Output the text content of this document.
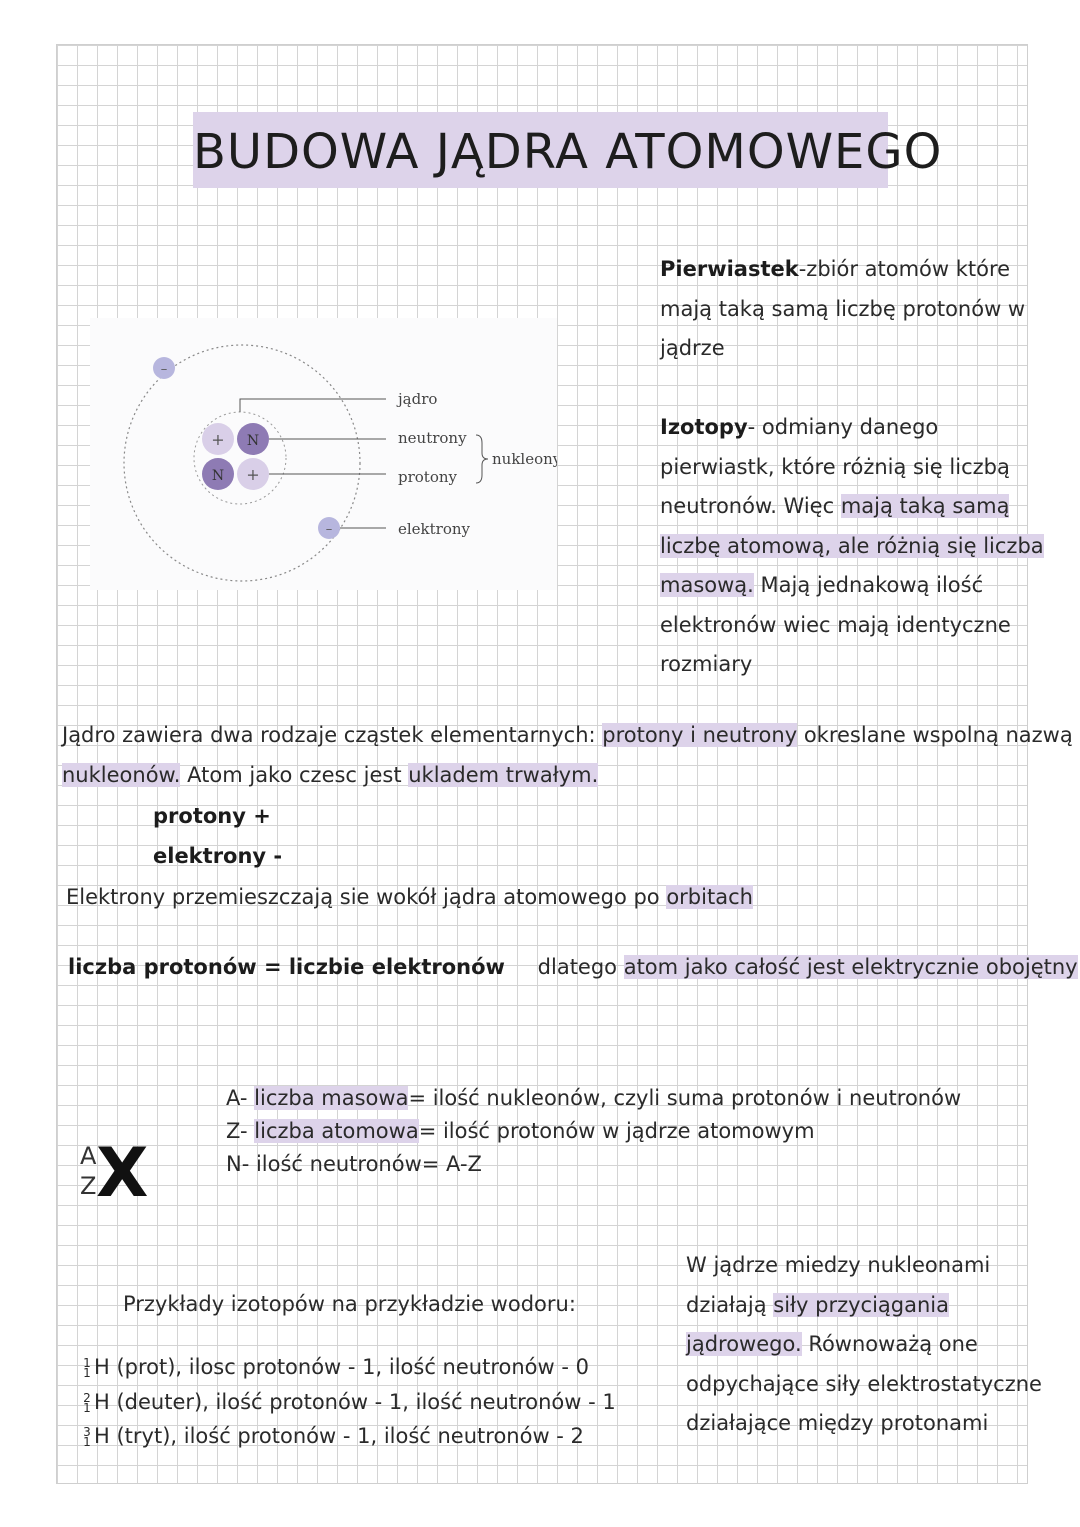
BUDOWA JĄDRA ATOMOWEGO
+ N
N +
–
–
jądro
neutrony
protony
elektrony
nukleony
Pierwiastek-zbiór atomów które
mają taką samą liczbę protonów w
jądrze
Izotopy- odmiany danego
pierwiastk, które różnią się liczbą
neutronów. Więc mają taką samą
liczbę atomową, ale różnią się liczba
masową. Mają jednakową ilość
elektronów wiec mają identyczne
rozmiary
Jądro zawiera dwa rodzaje cząstek elementarnych: protony i neutrony okreslane wspolną nazwą
nukleonów. Atom jako czesc jest ukladem trwałym.
protony +
elektrony -
Elektrony przemieszczają sie wokół jądra atomowego po orbitach
liczba protonów = liczbie elektronów dlatego atom jako całość jest elektrycznie obojętny
A
Z X
A- liczba masowa= ilość nukleonów, czyli suma protonów i neutronów
Z- liczba atomowa= ilość protonów w jądrze atomowym
N- ilość neutronów= A-Z
Przykłady izotopów na przykładzie wodoru:
1
1 H (prot), ilosc protonów - 1, ilość neutronów - 0
2
1 H (deuter), ilość protonów - 1, ilość neutronów - 1
3
1 H (tryt), ilość protonów - 1, ilość neutronów - 2
W jądrze miedzy nukleonami
działają siły przyciągania
jądrowego. Równoważą one
odpychające siły elektrostatyczne
działające między protonami
